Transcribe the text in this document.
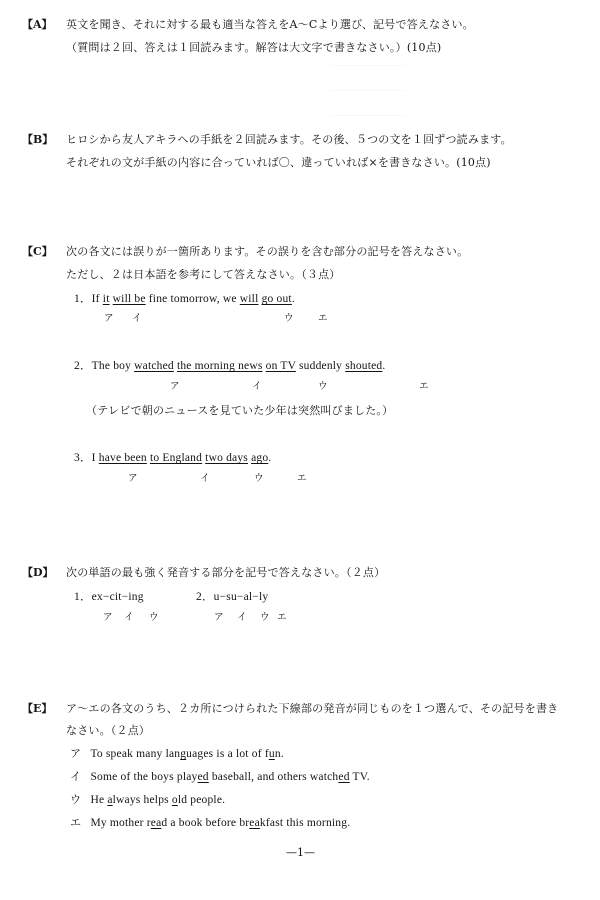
_______________
_______________
_______________
【A】 英文を聞き、それに対する最も適当な答えをA〜Cより選び、記号で答えなさい。
（質問は２回、答えは１回読みます。解答は大文字で書きなさい。）(10点)
【B】 ヒロシから友人アキラへの手紙を２回読みます。その後、５つの文を１回ずつ読みます。
それぞれの文が手紙の内容に合っていれば〇、違っていれば×を書きなさい。(10点)
【C】 次の各文には誤りが一箇所あります。その誤りを含む部分の記号を答えなさい。
ただし、２は日本語を参考にして答えなさい。（３点）
1．If it will be fine tomorrow, we will go out.
ア イ	ウ	エ
2．The boy watched the morning news on TV suddenly shouted.
ア	イ	ウ	エ
（テレビで朝のニュースを見ていた少年は突然叫びました。）
3．I have been to England two days ago.
ア	イ	ウ	エ
【D】 次の単語の最も強く発音する部分を記号で答えなさい。（２点）
1．ex−cit−ing	2．u−su−al−ly
ア イ ウ	ア イ ウ エ
【E】 ア〜エの各文のうち、２カ所につけられた下線部の発音が同じものを１つ選んで、その記号を書き
なさい。（２点）
ア To speak many languages is a lot of fun.
イ Some of the boys played baseball, and others watched TV.
ウ He always helps old people.
エ My mother read a book before breakfast this morning.
—1—
